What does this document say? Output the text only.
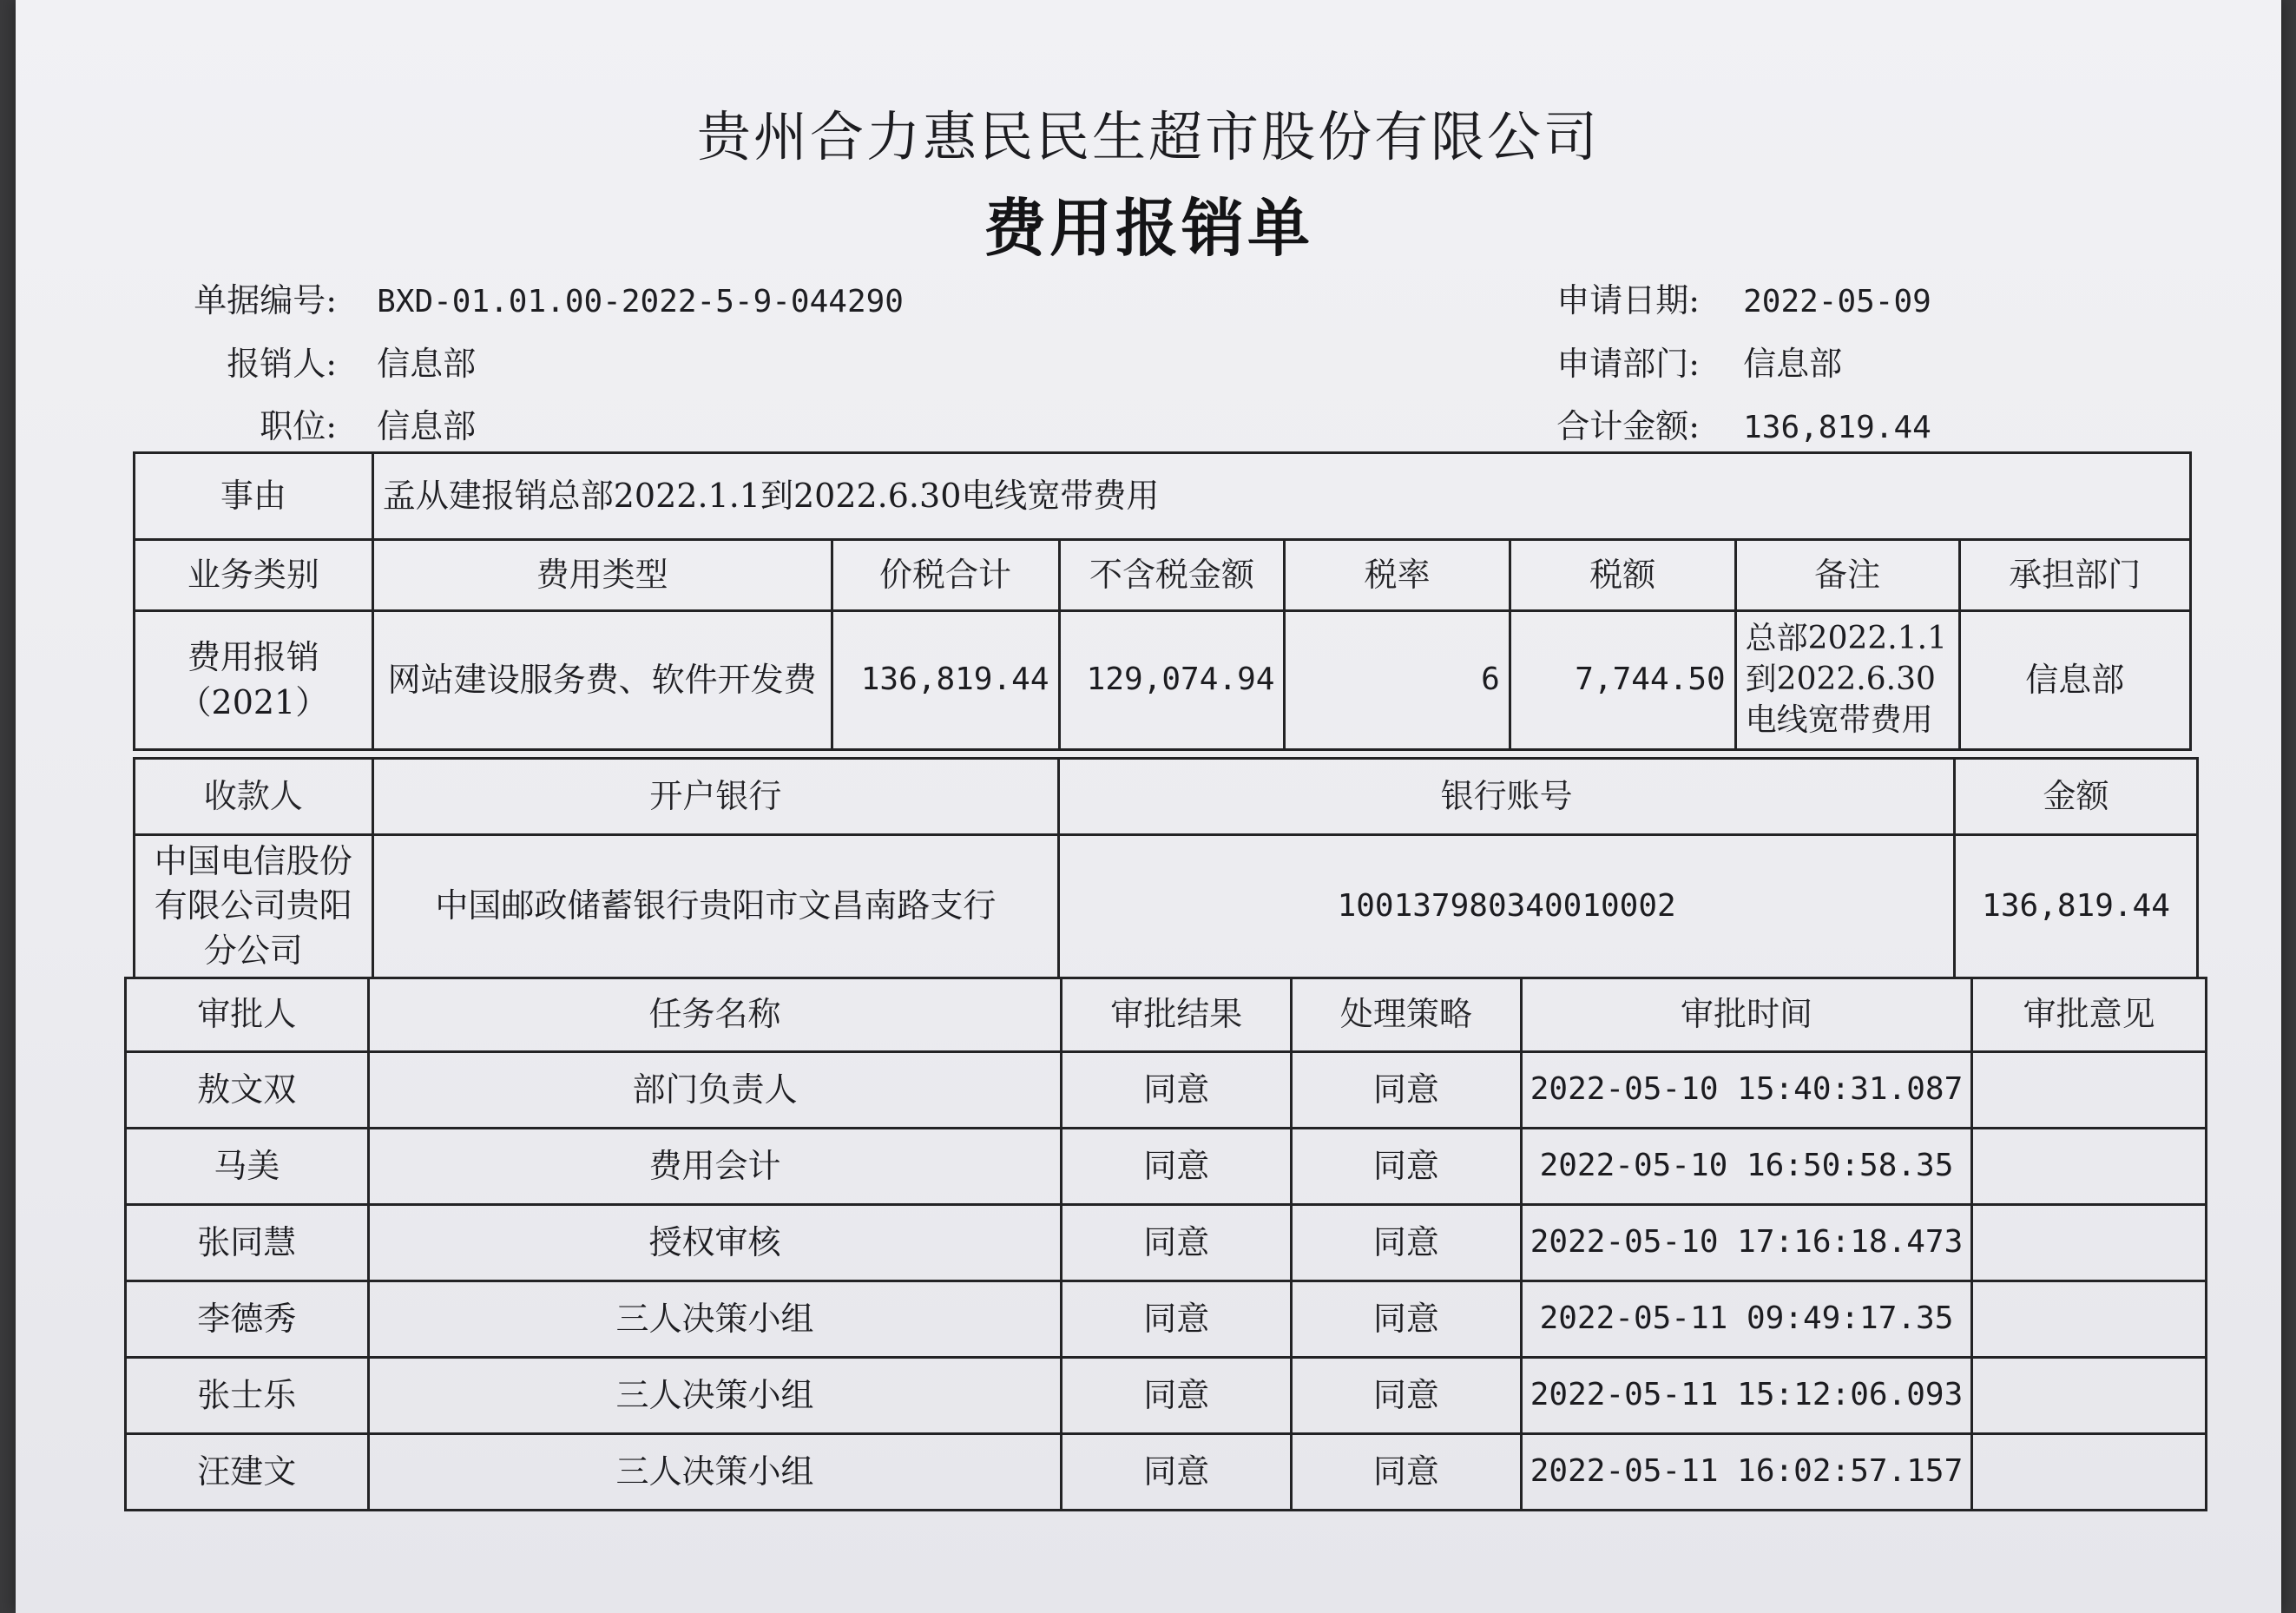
贵州合力惠民民生超市股份有限公司
费用报销单
单据编号: BXD-01.01.00-2022-5-9-044290
报销人: 信息部
职位: 信息部
申请日期: 2022-05-09
申请部门: 信息部
合计金额: 136,819.44
事由	孟从建报销总部2022.1.1到2022.6.30电线宽带费用						
业务类别	费用类型	价税合计	不含税金额	税率	税额	备注	承担部门
费用报销（2021）	网站建设服务费、软件开发费	136,819.44	129,074.94	6	7,744.50	总部2022.1.1到2022.6.30电线宽带费用	信息部
收款人	开户银行	银行账号	金额
中国电信股份有限公司贵阳分公司	中国邮政储蓄银行贵阳市文昌南路支行	100137980340010002	136,819.44
审批人	任务名称	审批结果	处理策略	审批时间	审批意见
敖文双	部门负责人	同意	同意	2022-05-10 15:40:31.087	
马美	费用会计	同意	同意	2022-05-10 16:50:58.35	
张同慧	授权审核	同意	同意	2022-05-10 17:16:18.473	
李德秀	三人决策小组	同意	同意	2022-05-11 09:49:17.35	
张士乐	三人决策小组	同意	同意	2022-05-11 15:12:06.093	
汪建文	三人决策小组	同意	同意	2022-05-11 16:02:57.157	
